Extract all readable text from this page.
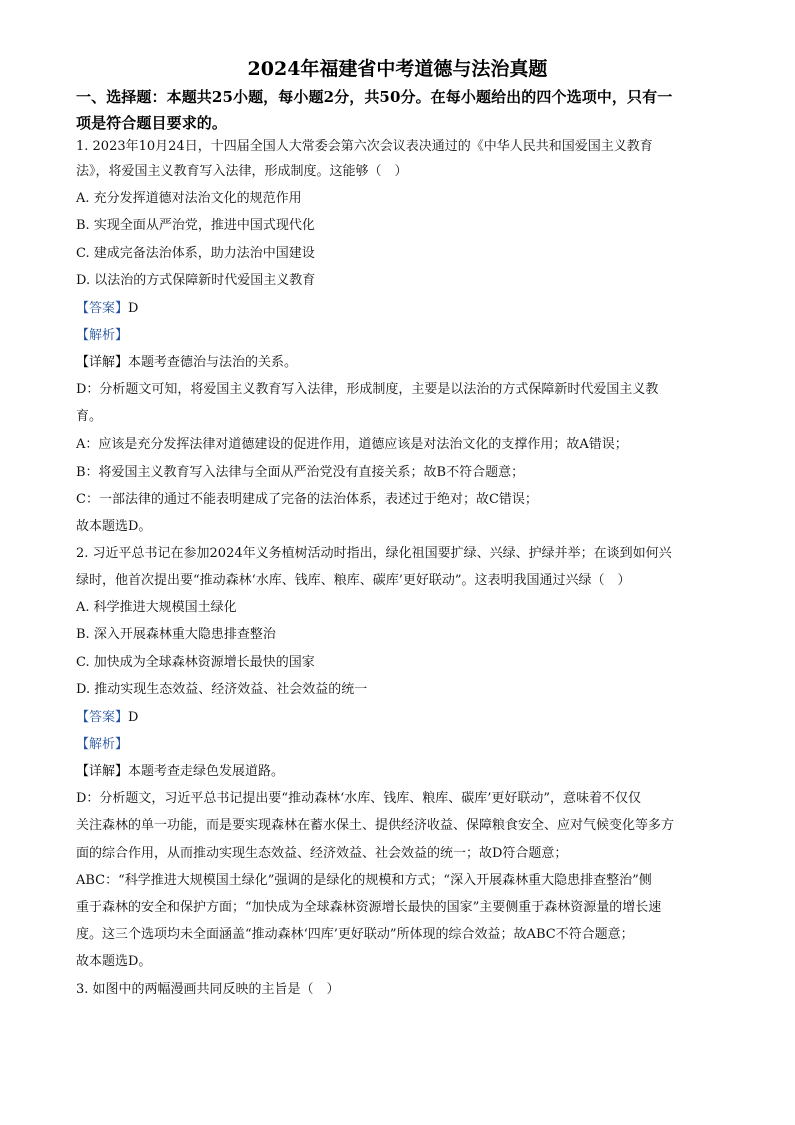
2024年福建省中考道德与法治真题
一、选择题：本题共25小题，每小题2分，共50分。在每小题给出的四个选项中，只有一
项是符合题目要求的。
1. 2023年10月24日，十四届全国人大常委会第六次会议表决通过的《中华人民共和国爱国主义教育
法》，将爱国主义教育写入法律，形成制度。这能够（　）
A. 充分发挥道德对法治文化的规范作用
B. 实现全面从严治党，推进中国式现代化
C. 建成完备法治体系，助力法治中国建设
D. 以法治的方式保障新时代爱国主义教育
【答案】D
【解析】
【详解】本题考查德治与法治的关系。
D：分析题文可知，将爱国主义教育写入法律，形成制度，主要是以法治的方式保障新时代爱国主义教
育。
A：应该是充分发挥法律对道德建设的促进作用，道德应该是对法治文化的支撑作用；故A错误；
B：将爱国主义教育写入法律与全面从严治党没有直接关系；故B不符合题意；
C：一部法律的通过不能表明建成了完备的法治体系，表述过于绝对；故C错误；
故本题选D。
2. 习近平总书记在参加2024年义务植树活动时指出，绿化祖国要扩绿、兴绿、护绿并举；在谈到如何兴
绿时，他首次提出要“推动森林‘水库、钱库、粮库、碳库’更好联动”。这表明我国通过兴绿（　）
A. 科学推进大规模国土绿化
B. 深入开展森林重大隐患排查整治
C. 加快成为全球森林资源增长最快的国家
D. 推动实现生态效益、经济效益、社会效益的统一
【答案】D
【解析】
【详解】本题考查走绿色发展道路。
D：分析题文，习近平总书记提出要“推动森林‘水库、钱库、粮库、碳库’更好联动”，意味着不仅仅
关注森林的单一功能，而是要实现森林在蓄水保土、提供经济收益、保障粮食安全、应对气候变化等多方
面的综合作用，从而推动实现生态效益、经济效益、社会效益的统一；故D符合题意；
ABC：“科学推进大规模国土绿化”强调的是绿化的规模和方式；“深入开展森林重大隐患排查整治”侧
重于森林的安全和保护方面；“加快成为全球森林资源增长最快的国家”主要侧重于森林资源量的增长速
度。这三个选项均未全面涵盖“推动森林‘四库’更好联动”所体现的综合效益；故ABC不符合题意；
故本题选D。
3. 如图中的两幅漫画共同反映的主旨是（　）
